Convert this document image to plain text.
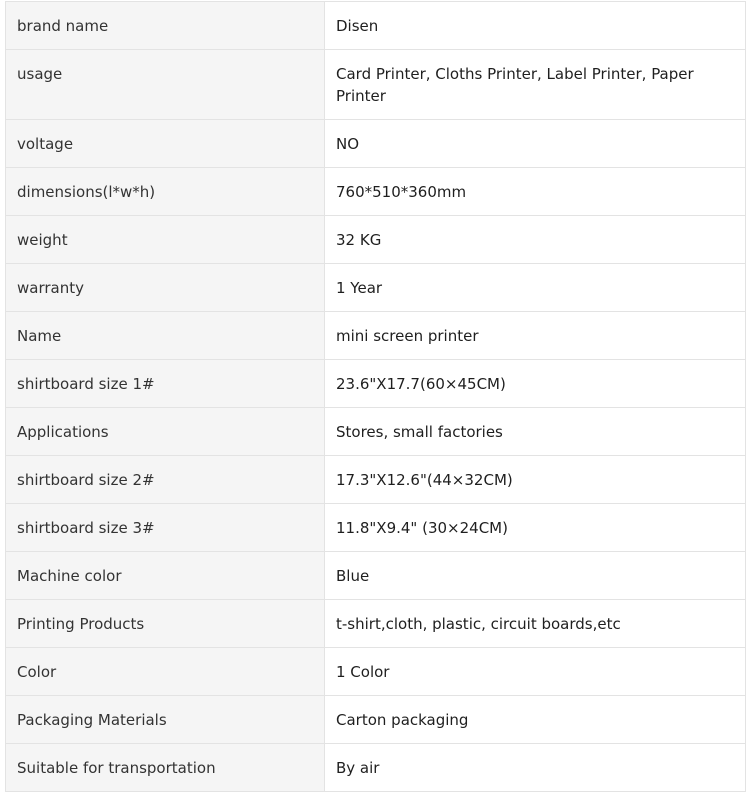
brand name	Disen
usage	Card Printer, Cloths Printer, Label Printer, Paper Printer
voltage	NO
dimensions(l*w*h)	760*510*360mm
weight	32 KG
warranty	1 Year
Name	mini screen printer
shirtboard size 1#	23.6"X17.7(60×45CM)
Applications	Stores, small factories
shirtboard size 2#	17.3"X12.6"(44×32CM)
shirtboard size 3#	11.8"X9.4" (30×24CM)
Machine color	Blue
Printing Products	t-shirt,cloth, plastic, circuit boards,etc
Color	1 Color
Packaging Materials	Carton packaging
Suitable for transportation	By air
